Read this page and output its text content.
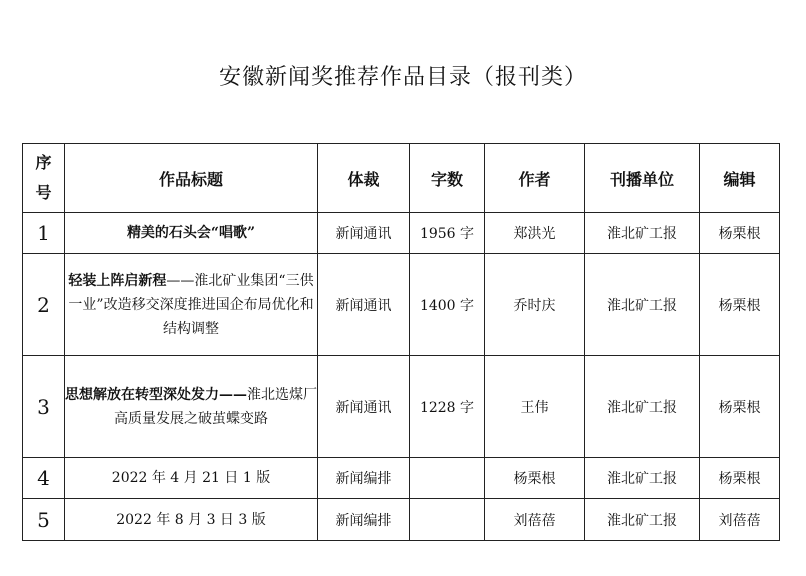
安徽新闻奖推荐作品目录（报刊类）
序
号	作品标题	体裁	字数	作者	刊播单位	编辑
1	精美的石头会“唱歌”	新闻通讯	1956 字	郑洪光	淮北矿工报	杨栗根
2	轻装上阵启新程——淮北矿业集团“三供一业”改造移交深度推进国企布局优化和结构调整	新闻通讯	1400 字	乔时庆	淮北矿工报	杨栗根
3	思想解放在转型深处发力——淮北选煤厂高质量发展之破茧蝶变路	新闻通讯	1228 字	王伟	淮北矿工报	杨栗根
4	2022 年 4 月 21 日 1 版	新闻编排		杨栗根	淮北矿工报	杨栗根
5	2022 年 8 月 3 日 3 版	新闻编排		刘蓓蓓	淮北矿工报	刘蓓蓓
